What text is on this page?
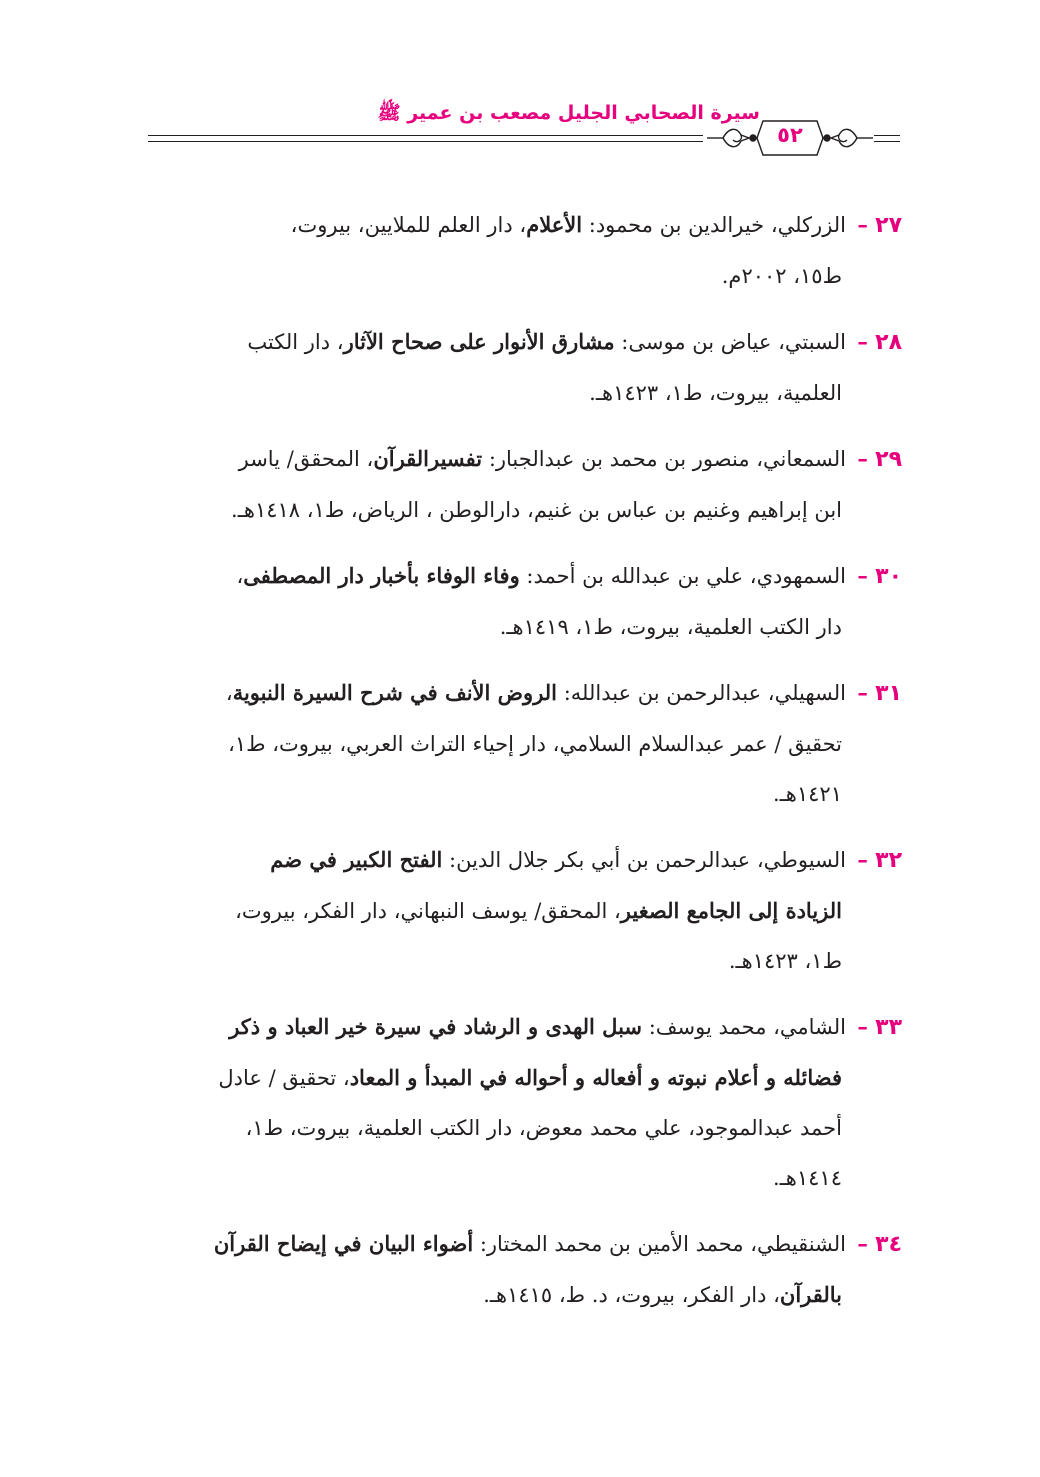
٥٢
سيرة الصحابي الجليل مصعب بن عمير ﷺ
٢٧ – الزركلي، خيرالدين بن محمود: الأعلام، دار العلم للملايين، بيروت،
ط١٥، ٢٠٠٢م.
٢٨ – السبتي، عياض بن موسى: مشارق الأنوار على صحاح الآثار، دار الكتب
العلمية، بيروت، ط١، ١٤٢٣هـ.
٢٩ – السمعاني، منصور بن محمد بن عبدالجبار: تفسيرالقرآن، المحقق/ ياسر
ابن إبراهيم وغنيم بن عباس بن غنيم، دارالوطن ، الرياض، ط١، ١٤١٨هـ.
٣٠ – السمهودي، علي بن عبدالله بن أحمد: وفاء الوفاء بأخبار دار المصطفى،
دار الكتب العلمية، بيروت، ط١، ١٤١٩هـ.
٣١ – السهيلي، عبدالرحمن بن عبدالله: الروض الأنف في شرح السيرة النبوية،
تحقيق / عمر عبدالسلام السلامي، دار إحياء التراث العربي، بيروت، ط١،
١٤٢١هـ.
٣٢ – السيوطي، عبدالرحمن بن أبي بكر جلال الدين: الفتح الكبير في ضم
الزيادة إلى الجامع الصغير، المحقق/ يوسف النبهاني، دار الفكر، بيروت،
ط١، ١٤٢٣هـ.
٣٣ – الشامي، محمد يوسف: سبل الهدى و الرشاد في سيرة خير العباد و ذكر
فضائله و أعلام نبوته و أفعاله و أحواله في المبدأ و المعاد، تحقيق / عادل
أحمد عبدالموجود، علي محمد معوض، دار الكتب العلمية، بيروت، ط١،
١٤١٤هـ.
٣٤ – الشنقيطي، محمد الأمين بن محمد المختار: أضواء البيان في إيضاح القرآن
بالقرآن، دار الفكر، بيروت، د. ط، ١٤١٥هـ.
